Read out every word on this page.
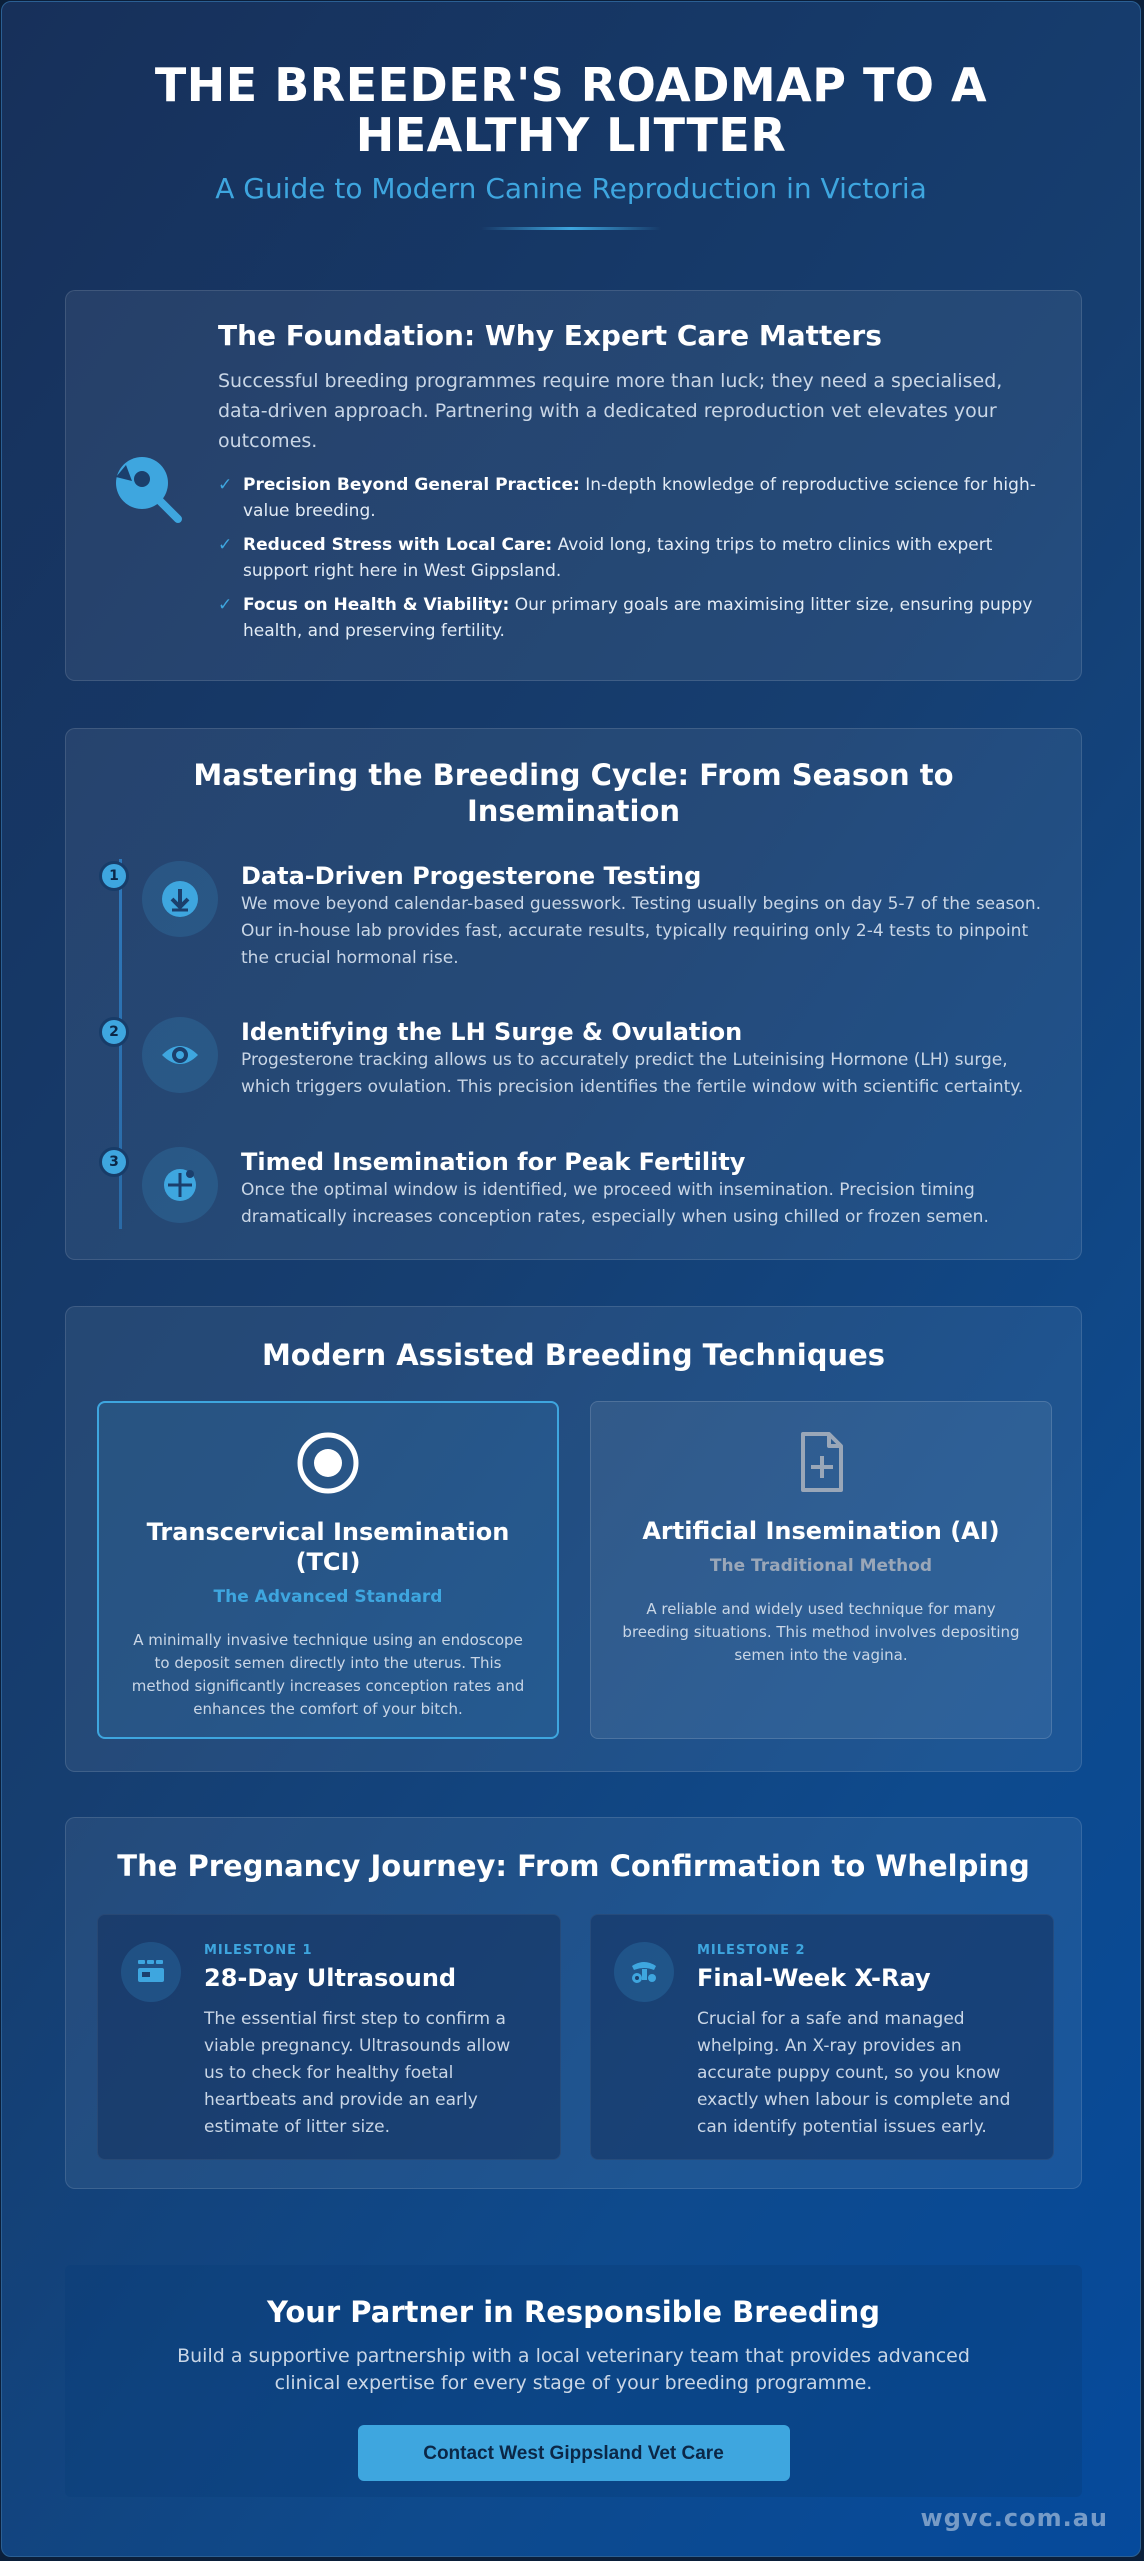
THE BREEDER'S ROADMAP TO A HEALTHY LITTER
A Guide to Modern Canine Reproduction in Victoria
The Foundation: Why Expert Care Matters
Successful breeding programmes require more than luck; they need a specialised, data-driven approach. Partnering with a dedicated reproduction vet elevates your outcomes.
✓ Precision Beyond General Practice: In-depth knowledge of reproductive science for high-value breeding.
✓ Reduced Stress with Local Care: Avoid long, taxing trips to metro clinics with expert support right here in West Gippsland.
✓ Focus on Health & Viability: Our primary goals are maximising litter size, ensuring puppy health, and preserving fertility.
Mastering the Breeding Cycle: From Season to Insemination
1	Data-Driven Progesterone Testing
We move beyond calendar-based guesswork. Testing usually begins on day 5-7 of the season. Our in-house lab provides fast, accurate results, typically requiring only 2-4 tests to pinpoint the crucial hormonal rise.
2	Identifying the LH Surge & Ovulation
Progesterone tracking allows us to accurately predict the Luteinising Hormone (LH) surge, which triggers ovulation. This precision identifies the fertile window with scientific certainty.
3	Timed Insemination for Peak Fertility
Once the optimal window is identified, we proceed with insemination. Precision timing dramatically increases conception rates, especially when using chilled or frozen semen.
Modern Assisted Breeding Techniques
Transcervical Insemination (TCI)
The Advanced Standard
A minimally invasive technique using an endoscope to deposit semen directly into the uterus. This method significantly increases conception rates and enhances the comfort of your bitch.
Artificial Insemination (AI)
The Traditional Method
A reliable and widely used technique for many breeding situations. This method involves depositing semen into the vagina.
The Pregnancy Journey: From Confirmation to Whelping
MILESTONE 1
28-Day Ultrasound
The essential first step to confirm a viable pregnancy. Ultrasounds allow us to check for healthy foetal heartbeats and provide an early estimate of litter size.
MILESTONE 2
Final-Week X-Ray
Crucial for a safe and managed whelping. An X-ray provides an accurate puppy count, so you know exactly when labour is complete and can identify potential issues early.
Your Partner in Responsible Breeding
Build a supportive partnership with a local veterinary team that provides advanced clinical expertise for every stage of your breeding programme.
Contact West Gippsland Vet Care
wgvc.com.au
